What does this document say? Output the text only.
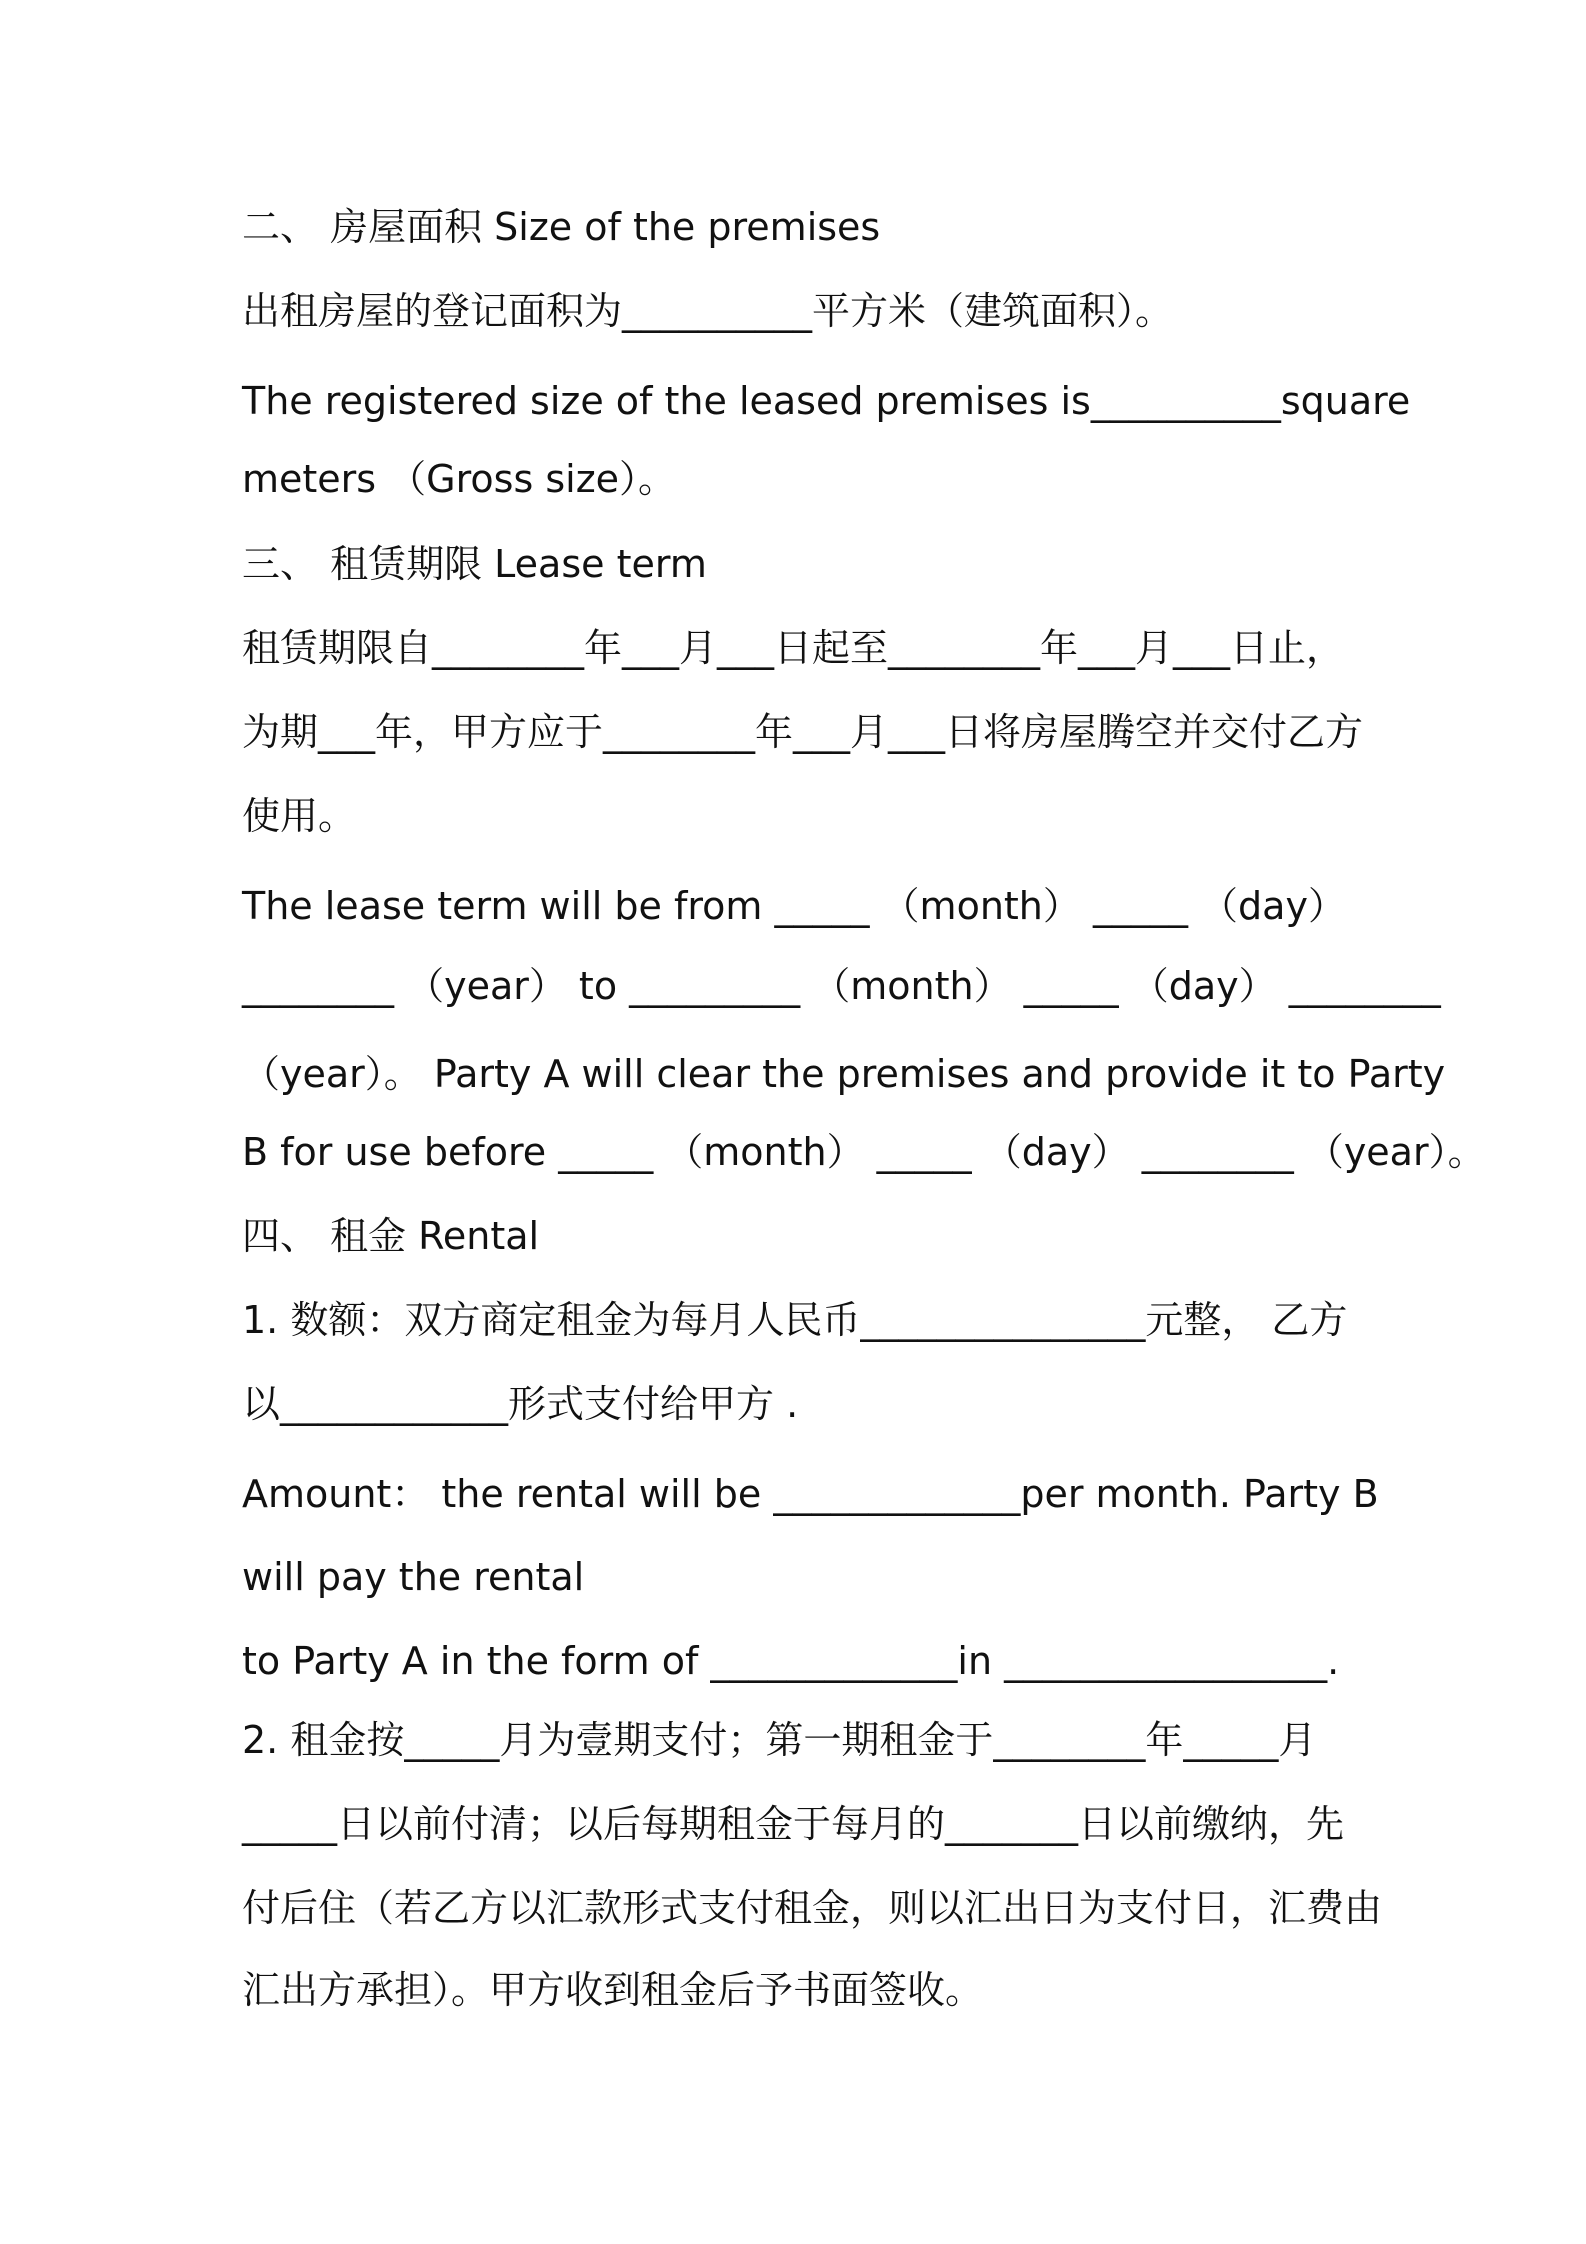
二、 房屋面积 Size of the premises
出租房屋的登记面积为__________平方米（建筑面积）。
The registered size of the leased premises is__________square
meters （Gross size）。
三、 租赁期限 Lease term
租赁期限自________年___月___日起至________年___月___日止，
为期___年，甲方应于________年___月___日将房屋腾空并交付乙方
使用。
The lease term will be from _____ （month） _____ （day）
________ （year） to _________ （month） _____ （day） ________
（year）。 Party A will clear the premises and provide it to Party
B for use before _____ （month） _____ （day） ________ （year）。
四、 租金 Rental
1. 数额：双方商定租金为每月人民币_______________元整， 乙方
以____________形式支付给甲方 .
Amount： the rental will be _____________per month. Party B
will pay the rental
to Party A in the form of _____________in _________________.
2. 租金按_____月为壹期支付；第一期租金于________年_____月
_____日以前付清；以后每期租金于每月的_______日以前缴纳，先
付后住（若乙方以汇款形式支付租金，则以汇出日为支付日，汇费由
汇出方承担）。甲方收到租金后予书面签收。
